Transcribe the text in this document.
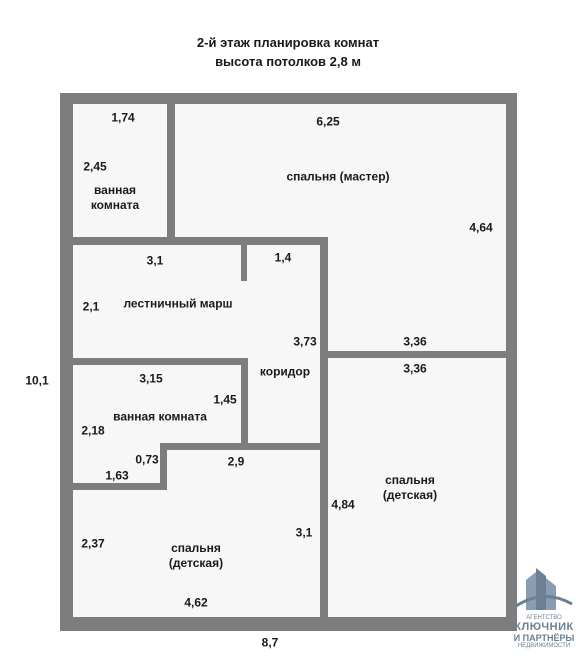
2-й этаж планировка комнат
высота потолков 2,8 м
ванная комната
спальня (мастер)
лестничный марш
коридор
ванная комната
спальня (детская)
спальня (детская)
1,74
2,45
6,25
4,64
3,1
2,1
1,4
3,73	3,36
3,36
4,84
3,15
2,18
1,45
0,73
1,63
2,9
3,1
2,37
4,62
10,1
8,7
АГЕНТСТВО
КЛЮЧНИК
И ПАРТНЁРЫ
НЕДВИЖИМОСТИ
